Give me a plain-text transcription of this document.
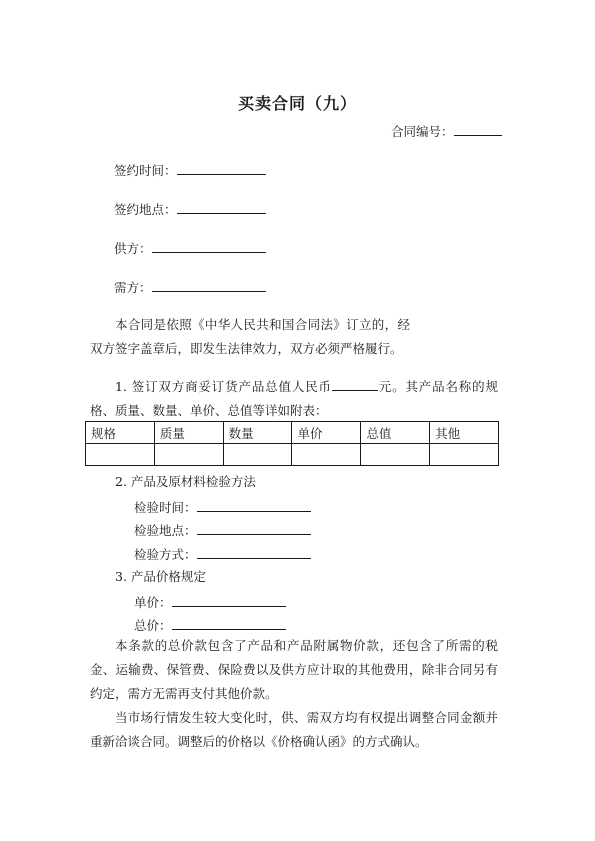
买卖合同（九）
合同编号：
签约时间：
签约地点：
供方：
需方：
本合同是依照《中华人民共和国合同法》订立的，经双方签字盖章后，即发生法律效力，双方必须严格履行。
1. 签订双方商妥订货产品总值人民币	元。其产品名称的规格、质量、数量、单价、总值等详如附表：
规格	质量	数量	单价	总值	其他

2. 产品及原材料检验方法
检验时间：
检验地点：
检验方式：
3. 产品价格规定
单价：
总价：
本条款的总价款包含了产品和产品附属物价款，还包含了所需的税金、运输费、保管费、保险费以及供方应计取的其他费用，除非合同另有约定，需方无需再支付其他价款。
当市场行情发生较大变化时，供、需双方均有权提出调整合同金额并重新洽谈合同。调整后的价格以《价格确认函》的方式确认。
